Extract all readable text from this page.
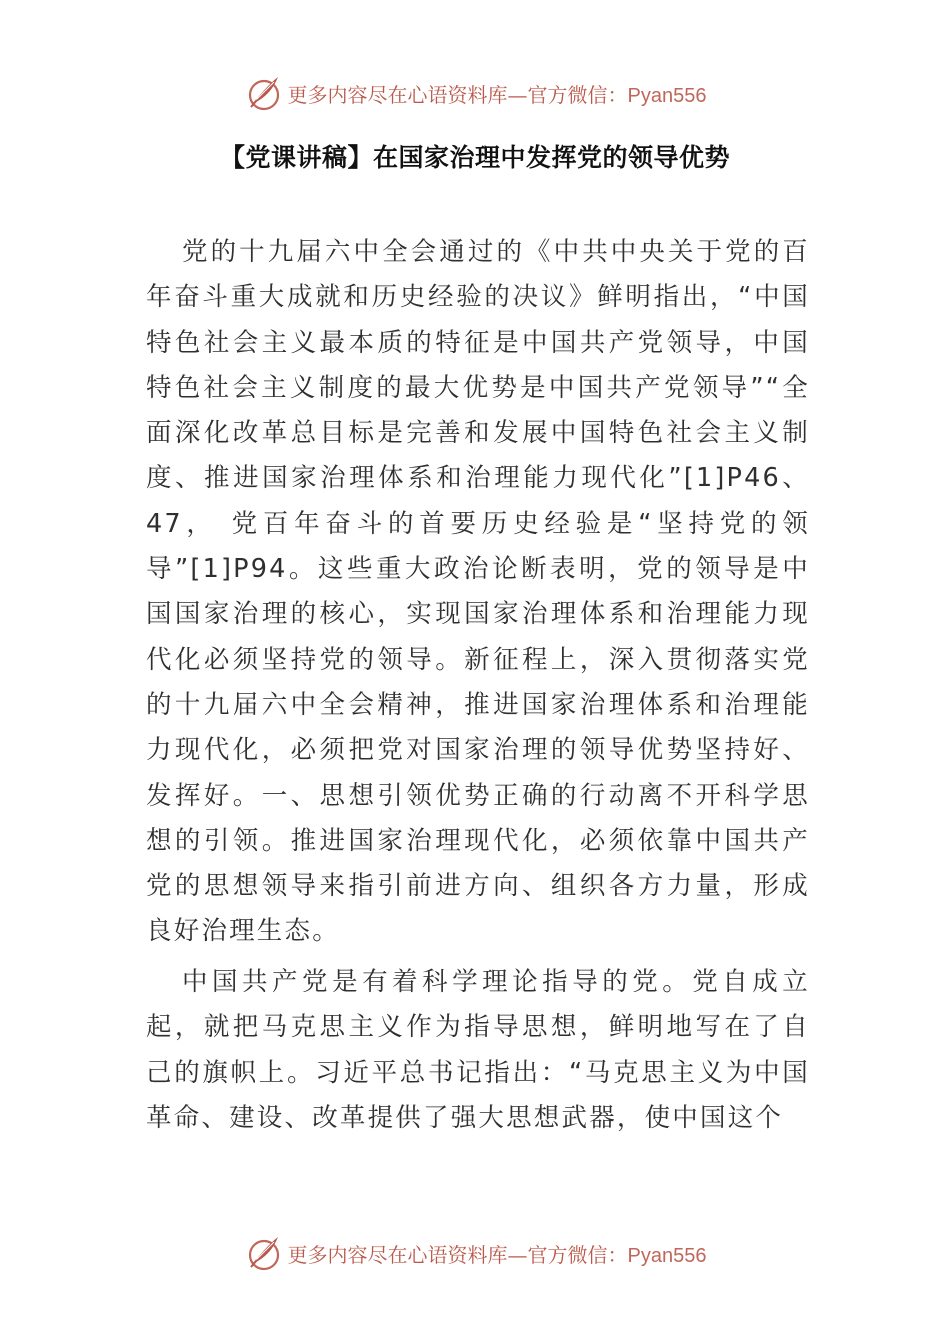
更多内容尽在心语资料库—官方微信：Pyan556
【党课讲稿】在国家治理中发挥党的领导优势

党的十九届六中全会通过的《中共中央关于党的百年奋斗重大成就和历史经验的决议》鲜明指出，“中国特色社会主义最本质的特征是中国共产党领导，中国特色社会主义制度的最大优势是中国共产党领导”“全面深化改革总目标是完善和发展中国特色社会主义制度、推进国家治理体系和治理能力现代化”[1]P46、47， 党百年奋斗的首要历史经验是“坚持党的领导”[1]P94。这些重大政治论断表明，党的领导是中国国家治理的核心，实现国家治理体系和治理能力现代化必须坚持党的领导。新征程上，深入贯彻落实党的十九届六中全会精神，推进国家治理体系和治理能力现代化，必须把党对国家治理的领导优势坚持好、发挥好。一、思想引领优势正确的行动离不开科学思想的引领。推进国家治理现代化，必须依靠中国共产党的思想领导来指引前进方向、组织各方力量，形成良好治理生态。

中国共产党是有着科学理论指导的党。党自成立起，就把马克思主义作为指导思想，鲜明地写在了自己的旗帜上。习近平总书记指出：“马克思主义为中国革命、建设、改革提供了强大思想武器，使中国这个

更多内容尽在心语资料库—官方微信：Pyan556
